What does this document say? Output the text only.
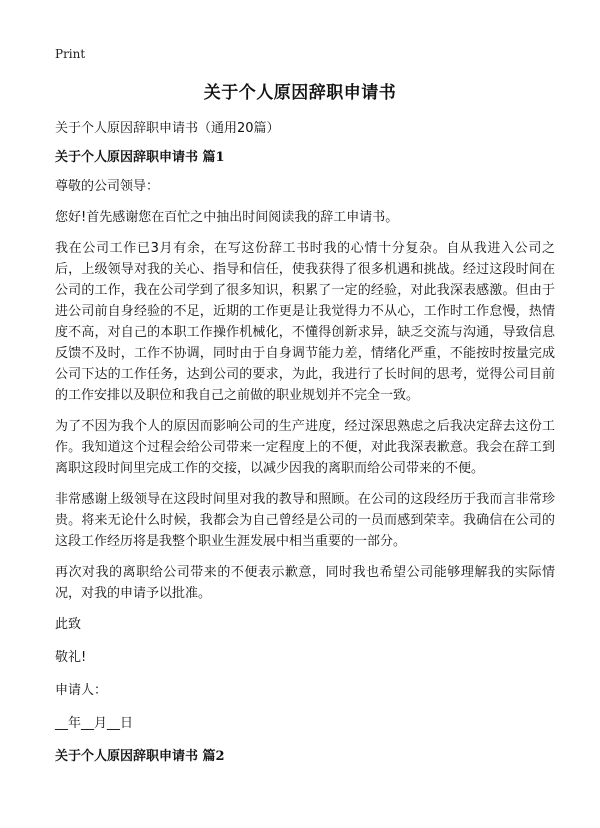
Print
关于个人原因辞职申请书

关于个人原因辞职申请书（通用20篇）

关于个人原因辞职申请书 篇1

尊敬的公司领导：

您好!首先感谢您在百忙之中抽出时间阅读我的辞工申请书。

我在公司工作已3月有余，在写这份辞工书时我的心情十分复杂。自从我进入公司之后，上级领导对我的关心、指导和信任，使我获得了很多机遇和挑战。经过这段时间在公司的工作，我在公司学到了很多知识，积累了一定的经验，对此我深表感激。但由于进公司前自身经验的不足，近期的工作更是让我觉得力不从心，工作时工作怠慢，热情度不高，对自己的本职工作操作机械化，不懂得创新求异，缺乏交流与沟通，导致信息反馈不及时，工作不协调，同时由于自身调节能力差，情绪化严重，不能按时按量完成公司下达的工作任务，达到公司的要求，为此，我进行了长时间的思考，觉得公司目前的工作安排以及职位和我自己之前做的职业规划并不完全一致。

为了不因为我个人的原因而影响公司的生产进度，经过深思熟虑之后我决定辞去这份工作。我知道这个过程会给公司带来一定程度上的不便，对此我深表歉意。我会在辞工到离职这段时间里完成工作的交接，以减少因我的离职而给公司带来的不便。

非常感谢上级领导在这段时间里对我的教导和照顾。在公司的这段经历于我而言非常珍贵。将来无论什么时候，我都会为自己曾经是公司的一员而感到荣幸。我确信在公司的这段工作经历将是我整个职业生涯发展中相当重要的一部分。

再次对我的离职给公司带来的不便表示歉意，同时我也希望公司能够理解我的实际情况，对我的申请予以批准。

此致

敬礼!

申请人：

__年__月__日

关于个人原因辞职申请书 篇2
